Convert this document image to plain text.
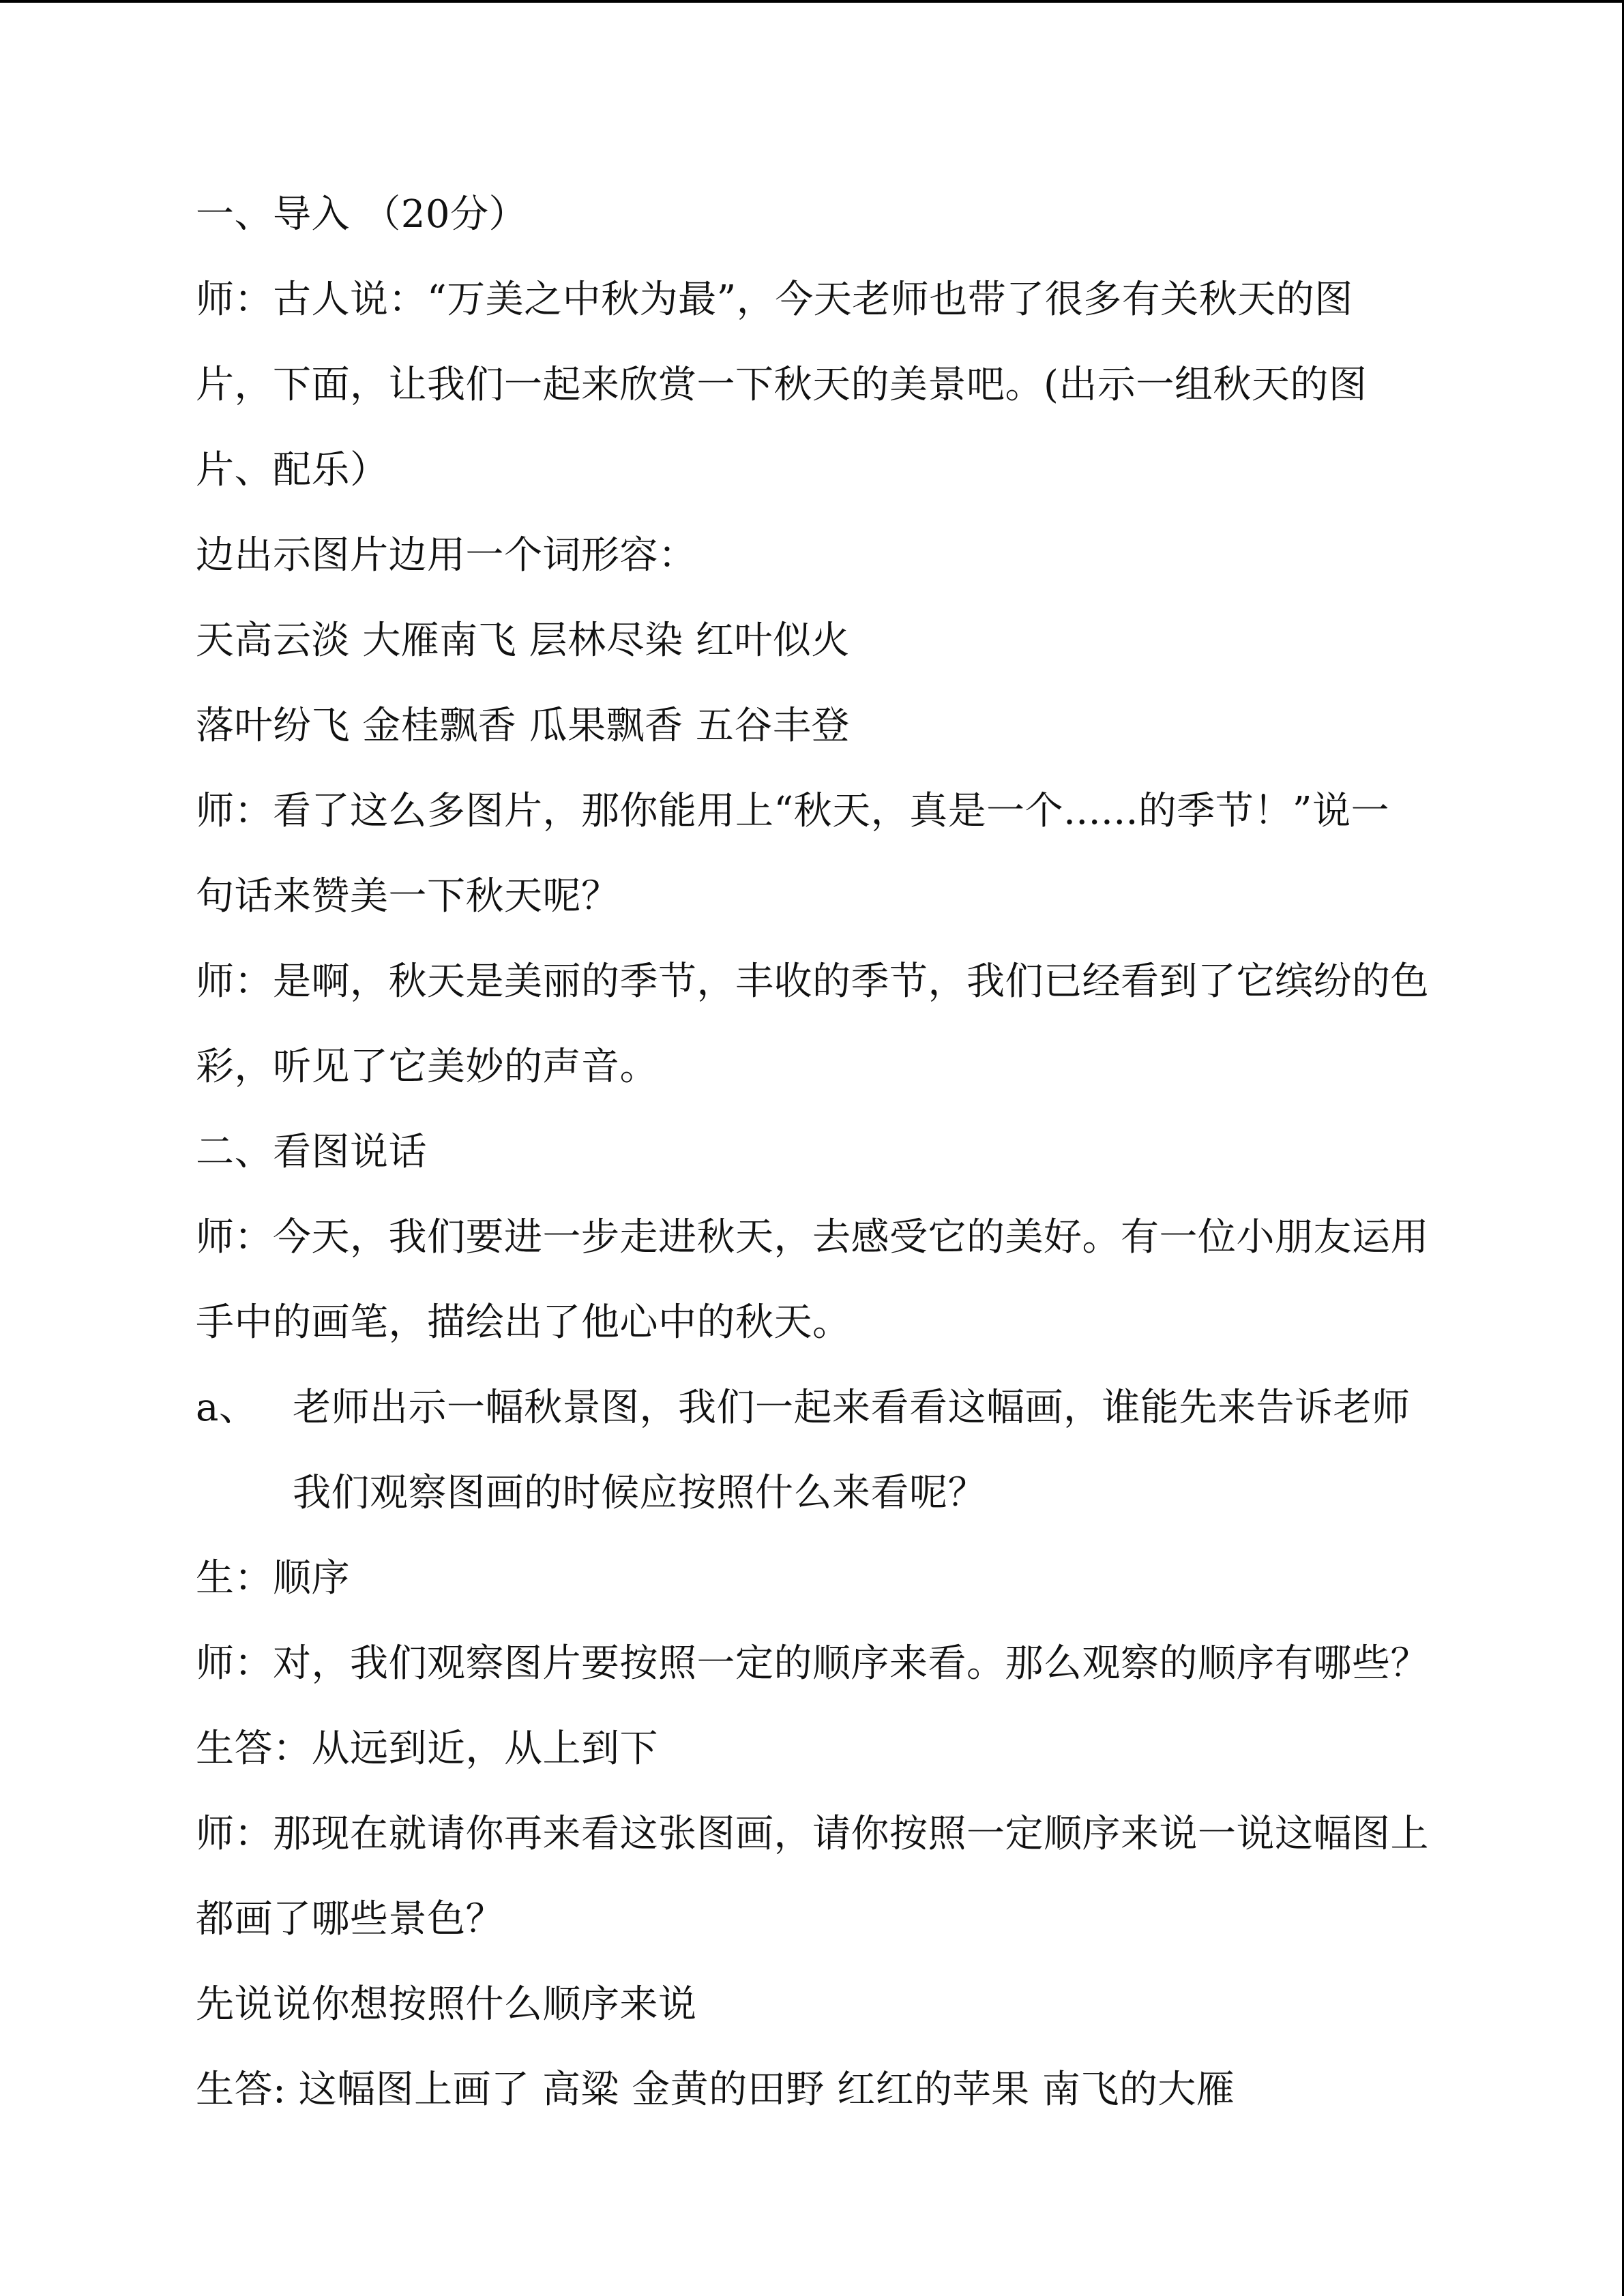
一、导入 （20分）
师：古人说：“万美之中秋为最”，今天老师也带了很多有关秋天的图
片，下面，让我们一起来欣赏一下秋天的美景吧。(出示一组秋天的图
片、配乐）
边出示图片边用一个词形容：
天高云淡 大雁南飞 层林尽染 红叶似火
落叶纷飞 金桂飘香 瓜果飘香 五谷丰登
师：看了这么多图片，那你能用上“秋天，真是一个......的季节！”说一
句话来赞美一下秋天呢？
师：是啊，秋天是美丽的季节，丰收的季节，我们已经看到了它缤纷的色
彩，听见了它美妙的声音。
二、看图说话
师：今天，我们要进一步走进秋天，去感受它的美好。有一位小朋友运用
手中的画笔，描绘出了他心中的秋天。
a、 老师出示一幅秋景图，我们一起来看看这幅画，谁能先来告诉老师
我们观察图画的时候应按照什么来看呢？
生：顺序
师：对，我们观察图片要按照一定的顺序来看。那么观察的顺序有哪些？
生答：从远到近，从上到下
师：那现在就请你再来看这张图画，请你按照一定顺序来说一说这幅图上
都画了哪些景色？
先说说你想按照什么顺序来说
生答: 这幅图上画了 高粱 金黄的田野 红红的苹果 南飞的大雁
